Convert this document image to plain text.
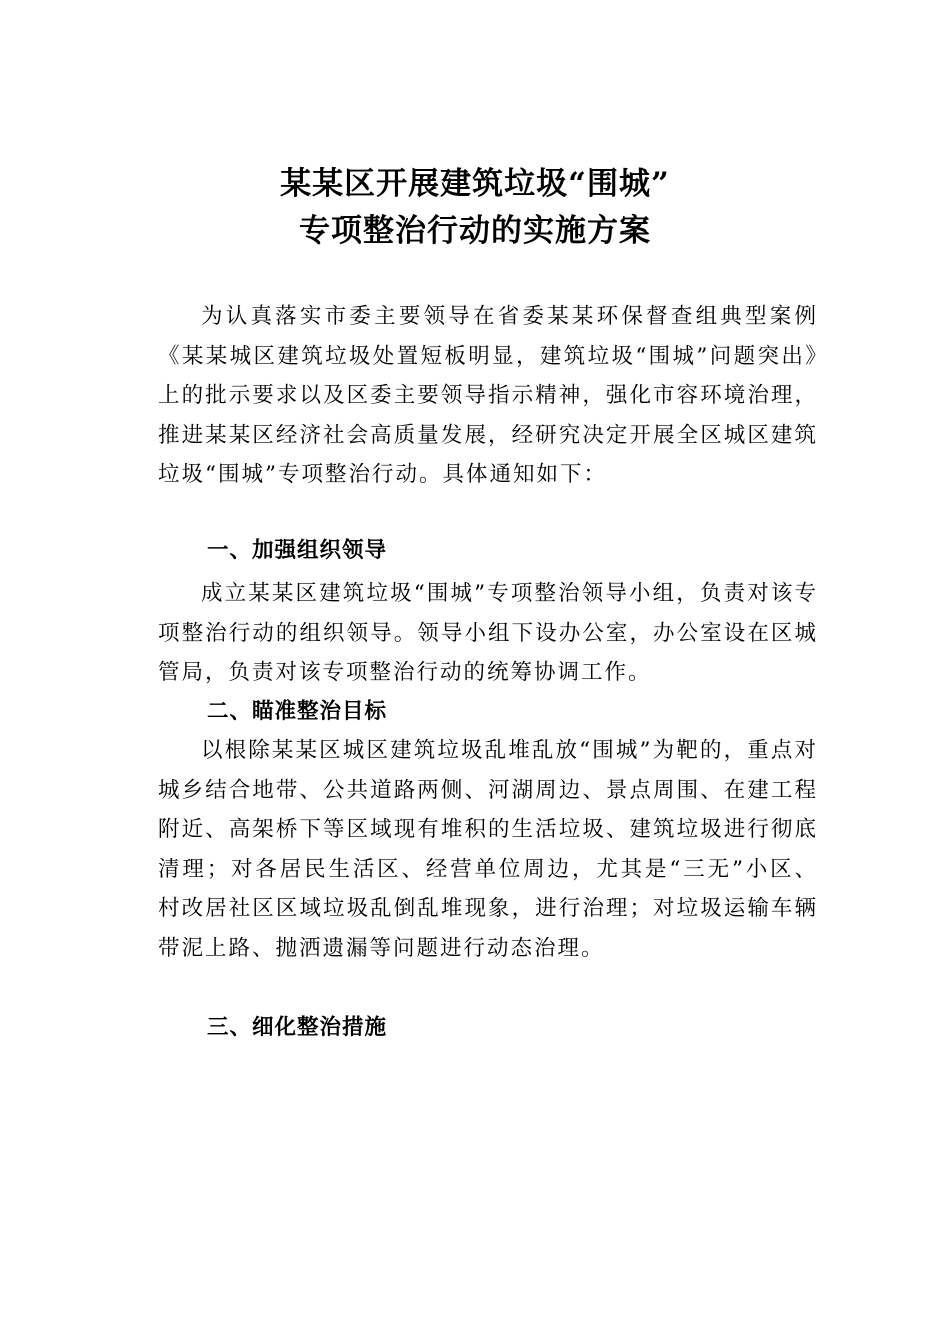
某某区开展建筑垃圾“围城”
专项整治行动的实施方案

为认真落实市委主要领导在省委某某环保督查组典型案例《某某城区建筑垃圾处置短板明显，建筑垃圾“围城”问题突出》上的批示要求以及区委主要领导指示精神，强化市容环境治理，推进某某区经济社会高质量发展，经研究决定开展全区城区建筑垃圾“围城”专项整治行动。具体通知如下：

一、加强组织领导

成立某某区建筑垃圾“围城”专项整治领导小组，负责对该专项整治行动的组织领导。领导小组下设办公室，办公室设在区城管局，负责对该专项整治行动的统筹协调工作。

二、瞄准整治目标

以根除某某区城区建筑垃圾乱堆乱放“围城”为靶的，重点对城乡结合地带、公共道路两侧、河湖周边、景点周围、在建工程附近、高架桥下等区域现有堆积的生活垃圾、建筑垃圾进行彻底清理；对各居民生活区、经营单位周边，尤其是“三无”小区、村改居社区区域垃圾乱倒乱堆现象，进行治理；对垃圾运输车辆带泥上路、抛洒遗漏等问题进行动态治理。

三、细化整治措施
